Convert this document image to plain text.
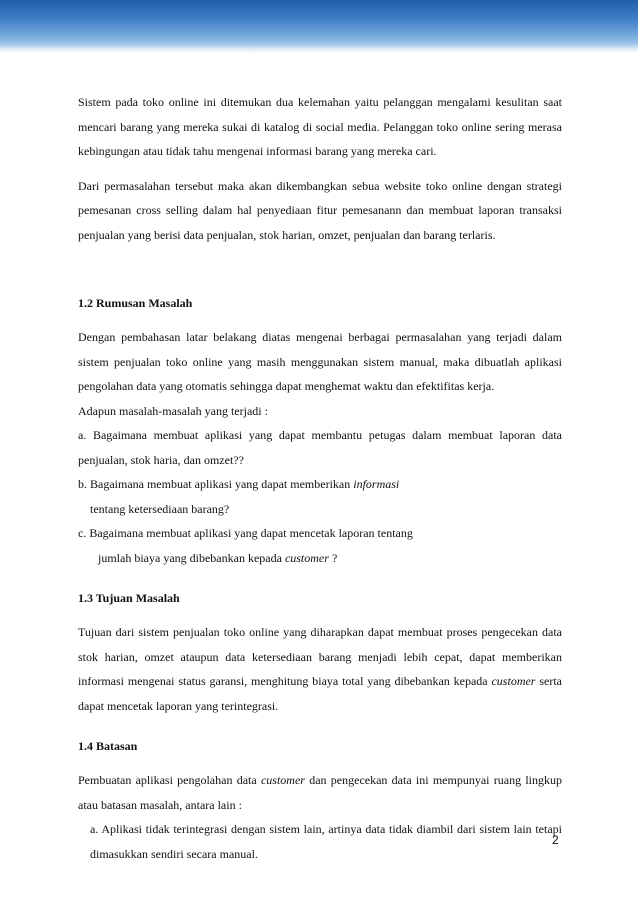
Sistem pada toko online ini ditemukan dua kelemahan yaitu pelanggan mengalami kesulitan saat mencari barang yang mereka sukai di katalog di social media. Pelanggan toko online sering merasa kebingungan atau tidak tahu mengenai informasi barang yang mereka cari.

Dari permasalahan tersebut maka akan dikembangkan sebua website toko online dengan strategi pemesanan cross selling dalam hal penyediaan fitur pemesanann dan membuat laporan transaksi penjualan yang berisi data penjualan, stok harian, omzet, penjualan dan barang terlaris.

1.2 Rumusan Masalah

Dengan pembahasan latar belakang diatas mengenai berbagai permasalahan yang terjadi dalam sistem penjualan toko online yang masih menggunakan sistem manual, maka dibuatlah aplikasi pengolahan data yang otomatis sehingga dapat menghemat waktu dan efektifitas kerja.

Adapun masalah-masalah yang terjadi :

a. Bagaimana membuat aplikasi yang dapat membantu petugas dalam membuat laporan data penjualan, stok haria, dan omzet??

b. Bagaimana membuat aplikasi yang dapat memberikan informasi

tentang ketersediaan barang?

c. Bagaimana membuat aplikasi yang dapat mencetak laporan tentang

jumlah biaya yang dibebankan kepada customer ?

1.3 Tujuan Masalah

Tujuan dari sistem penjualan toko online yang diharapkan dapat membuat proses pengecekan data stok harian, omzet ataupun data ketersediaan barang menjadi lebih cepat, dapat memberikan informasi mengenai status garansi, menghitung biaya total yang dibebankan kepada customer serta dapat mencetak laporan yang terintegrasi.

1.4 Batasan

Pembuatan aplikasi pengolahan data customer dan pengecekan data ini mempunyai ruang lingkup atau batasan masalah, antara lain :

a. Aplikasi tidak terintegrasi dengan sistem lain, artinya data tidak diambil dari sistem lain tetapi dimasukkan sendiri secara manual.

2
